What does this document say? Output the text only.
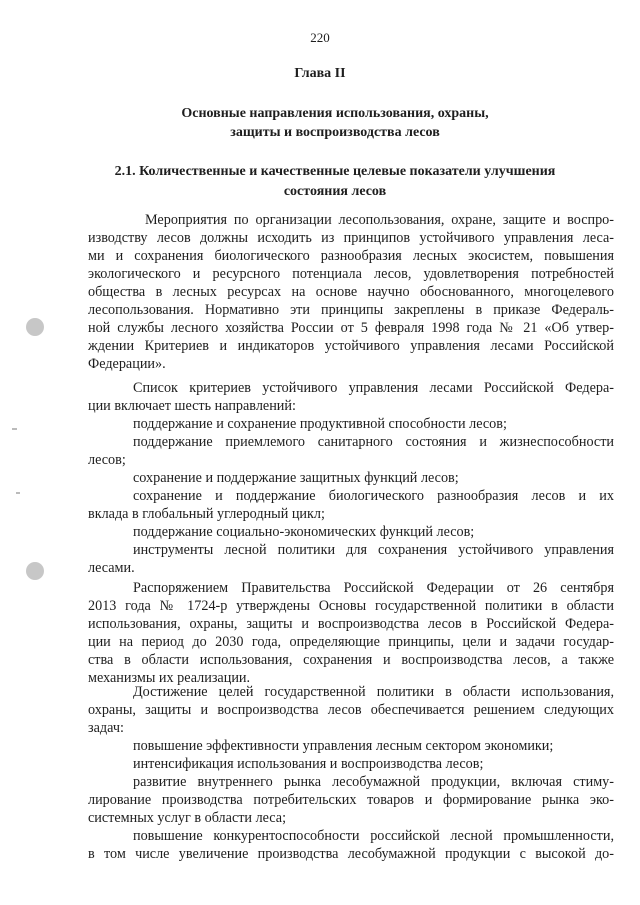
220
Глава II
Основные направления использования, охраны,
защиты и воспроизводства лесов
2.1. Количественные и качественные целевые показатели улучшения
состояния лесов
Мероприятия по организации лесопользования, охране, защите и воспро-
изводству лесов должны исходить из принципов устойчивого управления леса-
ми и сохранения биологического разнообразия лесных экосистем, повышения
экологического и ресурсного потенциала лесов, удовлетворения потребностей
общества в лесных ресурсах на основе научно обоснованного, многоцелевого
лесопользования. Нормативно эти принципы закреплены в приказе Федераль-
ной службы лесного хозяйства России от 5 февраля 1998 года № 21 «Об утвер-
ждении Критериев и индикаторов устойчивого управления лесами Российской
Федерации».
Список критериев устойчивого управления лесами Российской Федера-
ции включает шесть направлений:
поддержание и сохранение продуктивной способности лесов;
поддержание приемлемого санитарного состояния и жизнеспособности
лесов;
сохранение и поддержание защитных функций лесов;
сохранение и поддержание биологического разнообразия лесов и их
вклада в глобальный углеродный цикл;
поддержание социально-экономических функций лесов;
инструменты лесной политики для сохранения устойчивого управления
лесами.
Распоряжением Правительства Российской Федерации от 26 сентября
2013 года № 1724-р утверждены Основы государственной политики в области
использования, охраны, защиты и воспроизводства лесов в Российской Федера-
ции на период до 2030 года, определяющие принципы, цели и задачи государ-
ства в области использования, сохранения и воспроизводства лесов, а также
механизмы их реализации.
Достижение целей государственной политики в области использования,
охраны, защиты и воспроизводства лесов обеспечивается решением следующих
задач:
повышение эффективности управления лесным сектором экономики;
интенсификация использования и воспроизводства лесов;
развитие внутреннего рынка лесобумажной продукции, включая стиму-
лирование производства потребительских товаров и формирование рынка эко-
системных услуг в области леса;
повышение конкурентоспособности российской лесной промышленности,
в том числе увеличение производства лесобумажной продукции с высокой до-
